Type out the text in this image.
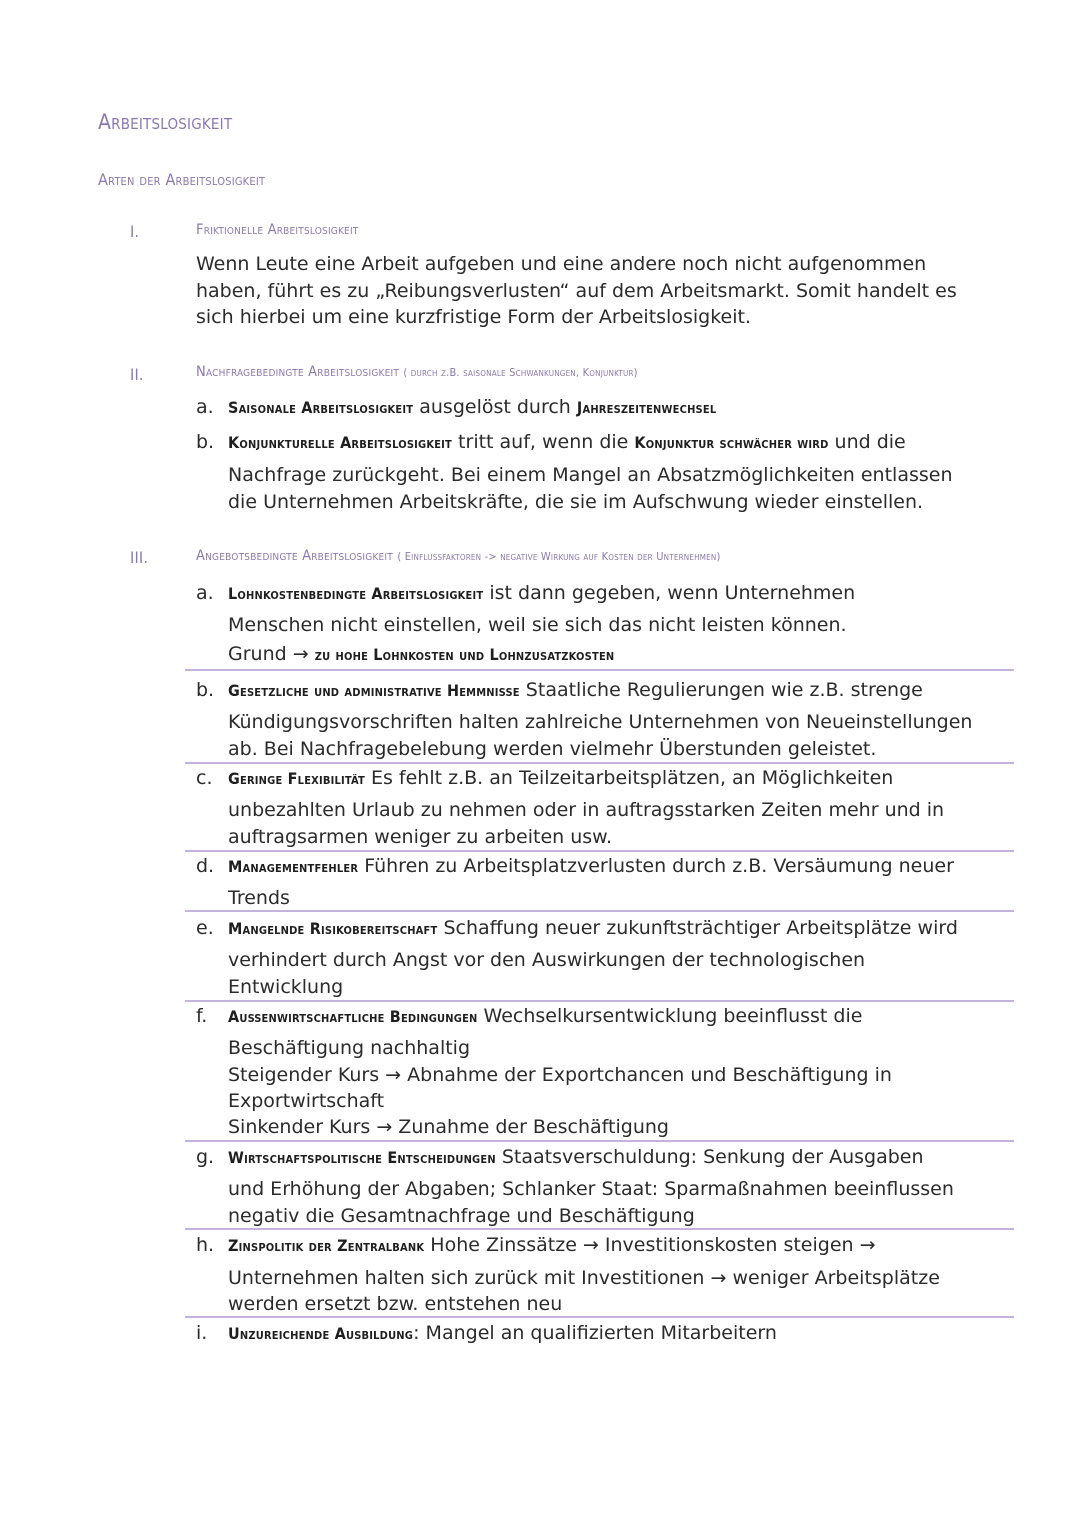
Arbeitslosigkeit
Arten der Arbeitslosigkeit
I.	Friktionelle Arbeitslosigkeit
Wenn Leute eine Arbeit aufgeben und eine andere noch nicht aufgenommen
haben, führt es zu „Reibungsverlusten“ auf dem Arbeitsmarkt. Somit handelt es
sich hierbei um eine kurzfristige Form der Arbeitslosigkeit.
II.	Nachfragebedingte Arbeitslosigkeit ( durch z.B. saisonale Schwankungen, Konjunktur)
a. Saisonale Arbeitslosigkeit ausgelöst durch Jahreszeitenwechsel
b. Konjunkturelle Arbeitslosigkeit tritt auf, wenn die Konjunktur schwächer wird und die
Nachfrage zurückgeht. Bei einem Mangel an Absatzmöglichkeiten entlassen
die Unternehmen Arbeitskräfte, die sie im Aufschwung wieder einstellen.
III.	Angebotsbedingte Arbeitslosigkeit ( Einflussfaktoren -> negative Wirkung auf Kosten der Unternehmen)
a. Lohnkostenbedingte Arbeitslosigkeit ist dann gegeben, wenn Unternehmen
Menschen nicht einstellen, weil sie sich das nicht leisten können.
Grund → zu hohe Lohnkosten und Lohnzusatzkosten
b. Gesetzliche und administrative Hemmnisse Staatliche Regulierungen wie z.B. strenge
Kündigungsvorschriften halten zahlreiche Unternehmen von Neueinstellungen
ab. Bei Nachfragebelebung werden vielmehr Überstunden geleistet.
c. Geringe Flexibilität Es fehlt z.B. an Teilzeitarbeitsplätzen, an Möglichkeiten
unbezahlten Urlaub zu nehmen oder in auftragsstarken Zeiten mehr und in
auftragsarmen weniger zu arbeiten usw.
d. Managementfehler Führen zu Arbeitsplatzverlusten durch z.B. Versäumung neuer
Trends
e. Mangelnde Risikobereitschaft Schaffung neuer zukunftsträchtiger Arbeitsplätze wird
verhindert durch Angst vor den Auswirkungen der technologischen
Entwicklung
f. Außenwirtschaftliche Bedingungen Wechselkursentwicklung beeinflusst die
Beschäftigung nachhaltig
Steigender Kurs → Abnahme der Exportchancen und Beschäftigung in
Exportwirtschaft
Sinkender Kurs → Zunahme der Beschäftigung
g. Wirtschaftspolitische Entscheidungen Staatsverschuldung: Senkung der Ausgaben
und Erhöhung der Abgaben; Schlanker Staat: Sparmaßnahmen beeinflussen
negativ die Gesamtnachfrage und Beschäftigung
h. Zinspolitik der Zentralbank Hohe Zinssätze → Investitionskosten steigen →
Unternehmen halten sich zurück mit Investitionen → weniger Arbeitsplätze
werden ersetzt bzw. entstehen neu
i. Unzureichende Ausbildung: Mangel an qualifizierten Mitarbeitern
